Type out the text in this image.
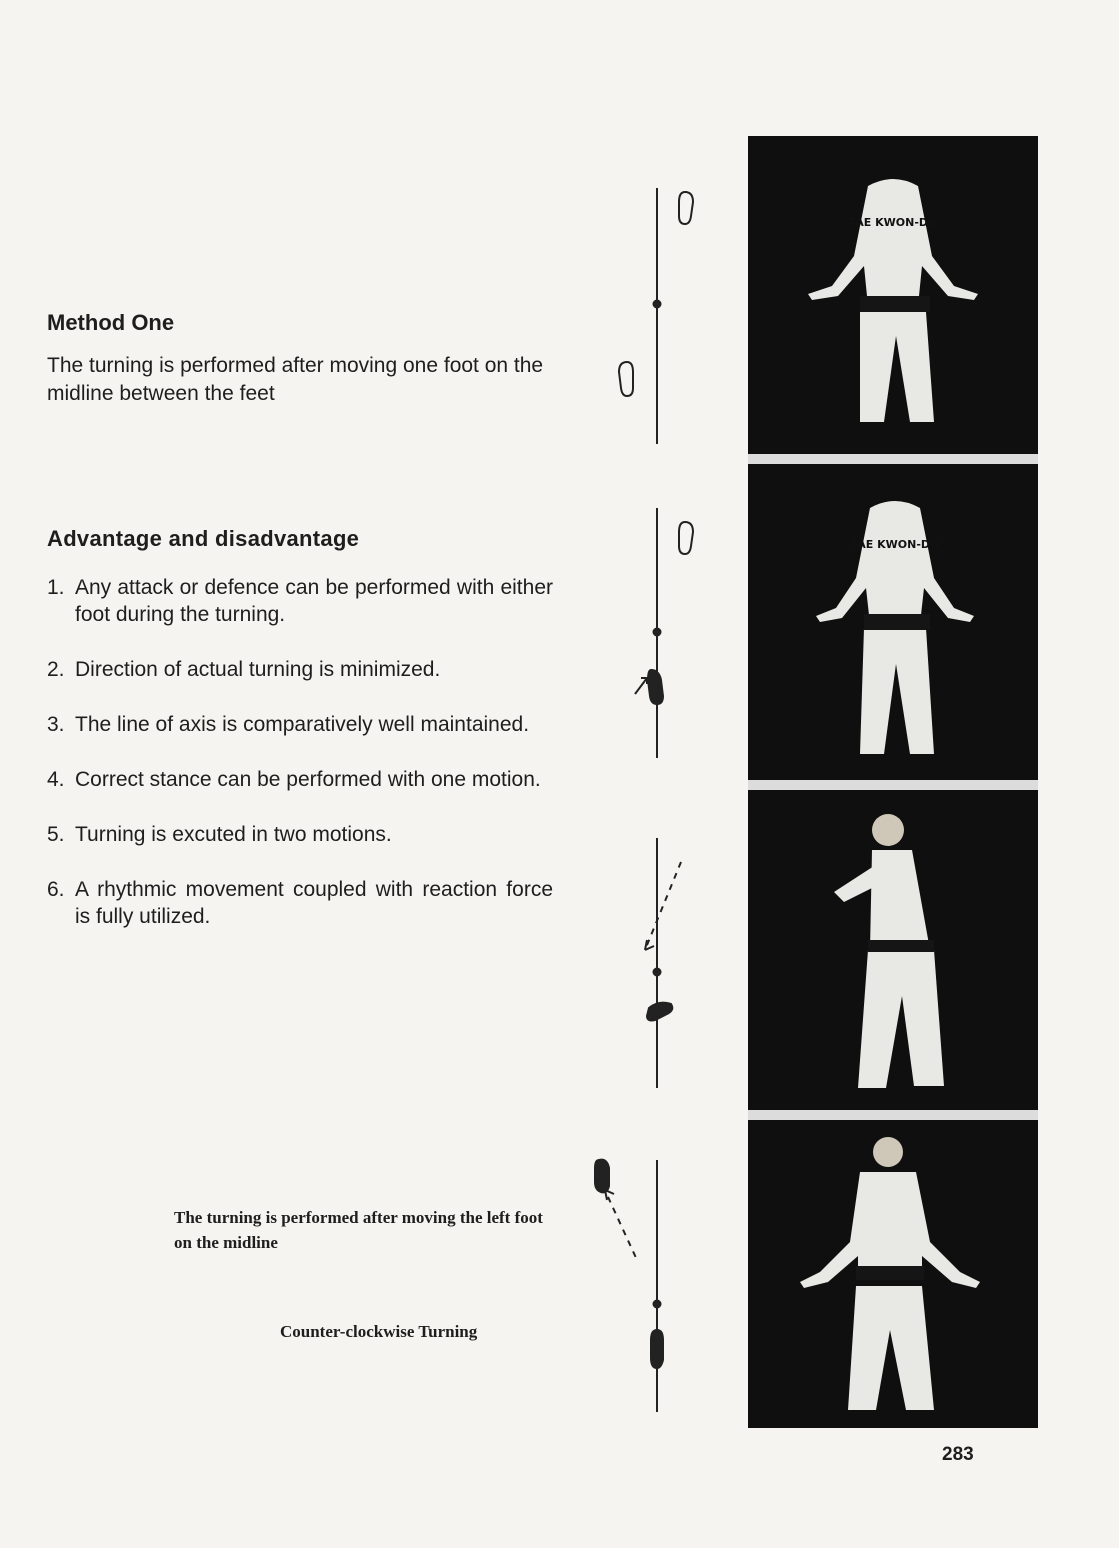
Method One

The turning is performed after moving one foot on the midline between the feet

Advantage and disadvantage
1. Any attack or defence can be performed with either foot during the turning.
2. Direction of actual turning is minimized.
3. The line of axis is comparatively well maintained.
4. Correct stance can be performed with one motion.
5. Turning is excuted in two motions.
6. A rhythmic movement coupled with reaction force is fully utilized.

The turning is performed after moving the left foot on the midline

Counter-clockwise Turning

TAE KWON-DO
TAE KWON-DO
283
